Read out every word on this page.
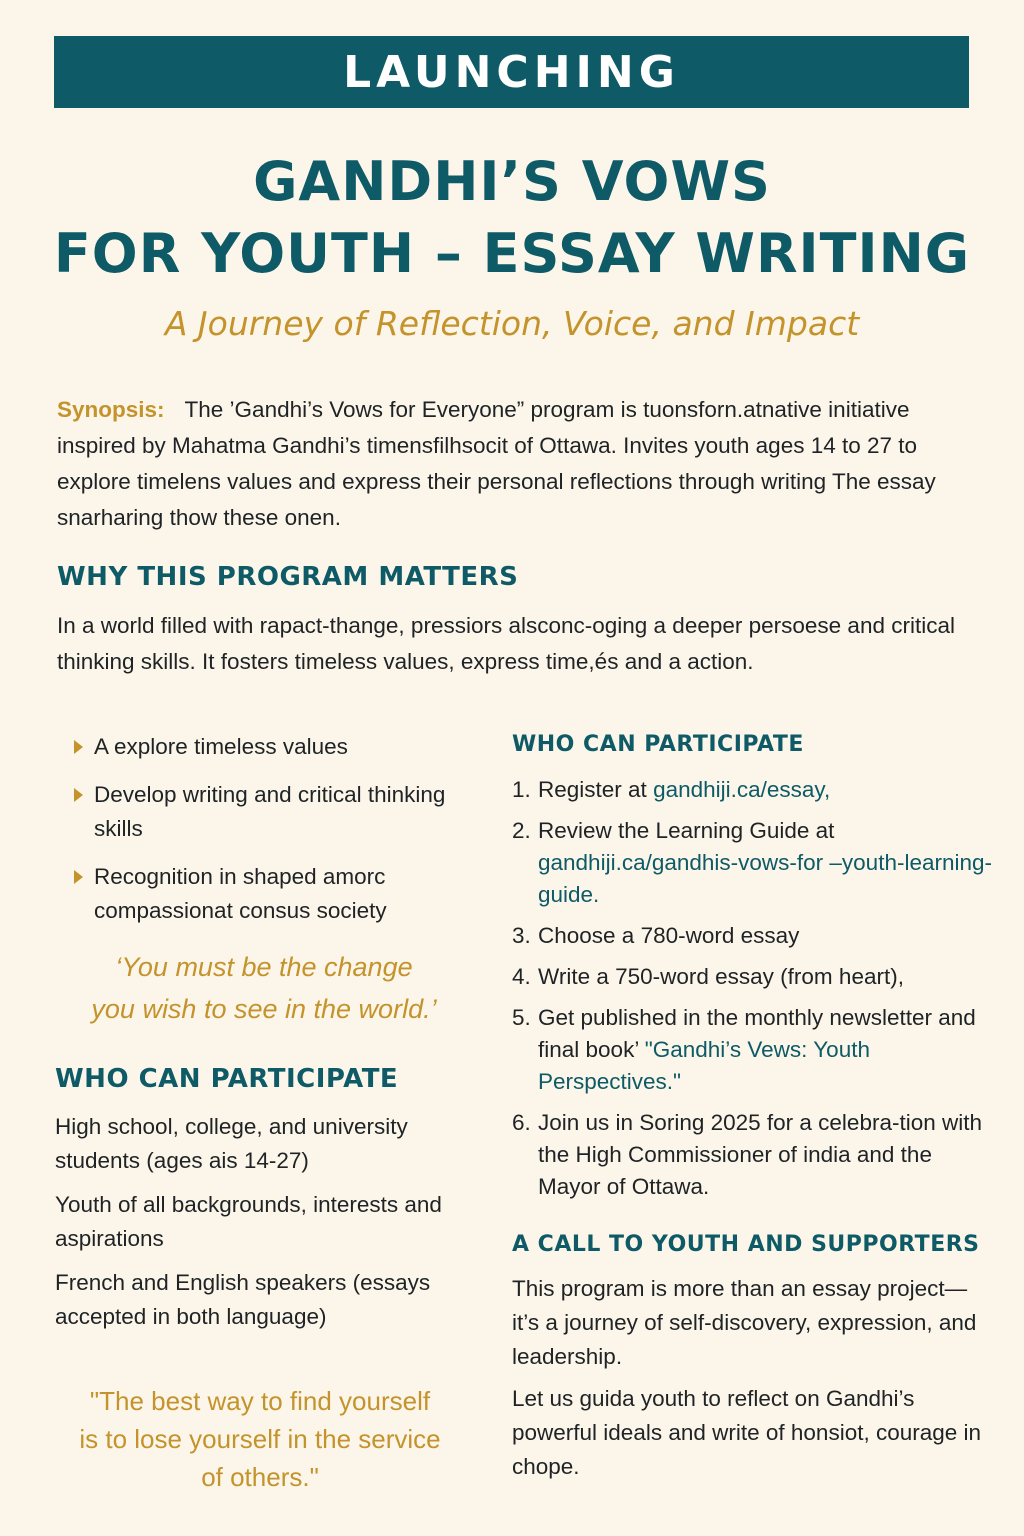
LAUNCHING
GANDHI’S VOWS
FOR YOUTH – ESSAY WRITING
A Journey of Reflection, Voice, and Impact
Synopsis: The ’Gandhi’s Vows for Everyone” program is tuonsforn.atnative initiative inspired by Mahatma Gandhi’s timensfilhsocit of Ottawa. Invites youth ages 14 to 27 to explore timelens values and express their personal reflections through writing The essay snarharing thow these onen.
WHY THIS PROGRAM MATTERS
In a world filled with rapact-thange, pressiors alsconc-oging a deeper persoese and critical thinking skills. It fosters timeless values, express time,és and a action.
A explore timeless values
Develop writing and critical thinking skills
Recognition in shaped amorc compassionat consus society
‘You must be the change
you wish to see in the world.’
WHO CAN PARTICIPATE
High school, college, and university students (ages ais 14-27)
Youth of all backgrounds, interests and aspirations
French and English speakers (essays accepted in both language)
"The best way to find yourself
is to lose yourself in the service
of others."
WHO CAN PARTICIPATE
1. Register at gandhiji.ca/essay,
2. Review the Learning Guide at gandhiji.ca/gandhis-vows-for –youth-learning-guide.
3. Choose a 780-word essay
4. Write a 750-word essay (from heart),
5. Get published in the monthly newsletter and final book’ "Gandhi’s Vews: Youth Perspectives."
6. Join us in Soring 2025 for a celebra-tion with the High Commissioner of india and the Mayor of Ottawa.
A CALL TO YOUTH AND SUPPORTERS
This program is more than an essay project—it’s a journey of self-discovery, expression, and leadership.
Let us guida youth to reflect on Gandhi’s powerful ideals and write of honsiot, courage in chope.
